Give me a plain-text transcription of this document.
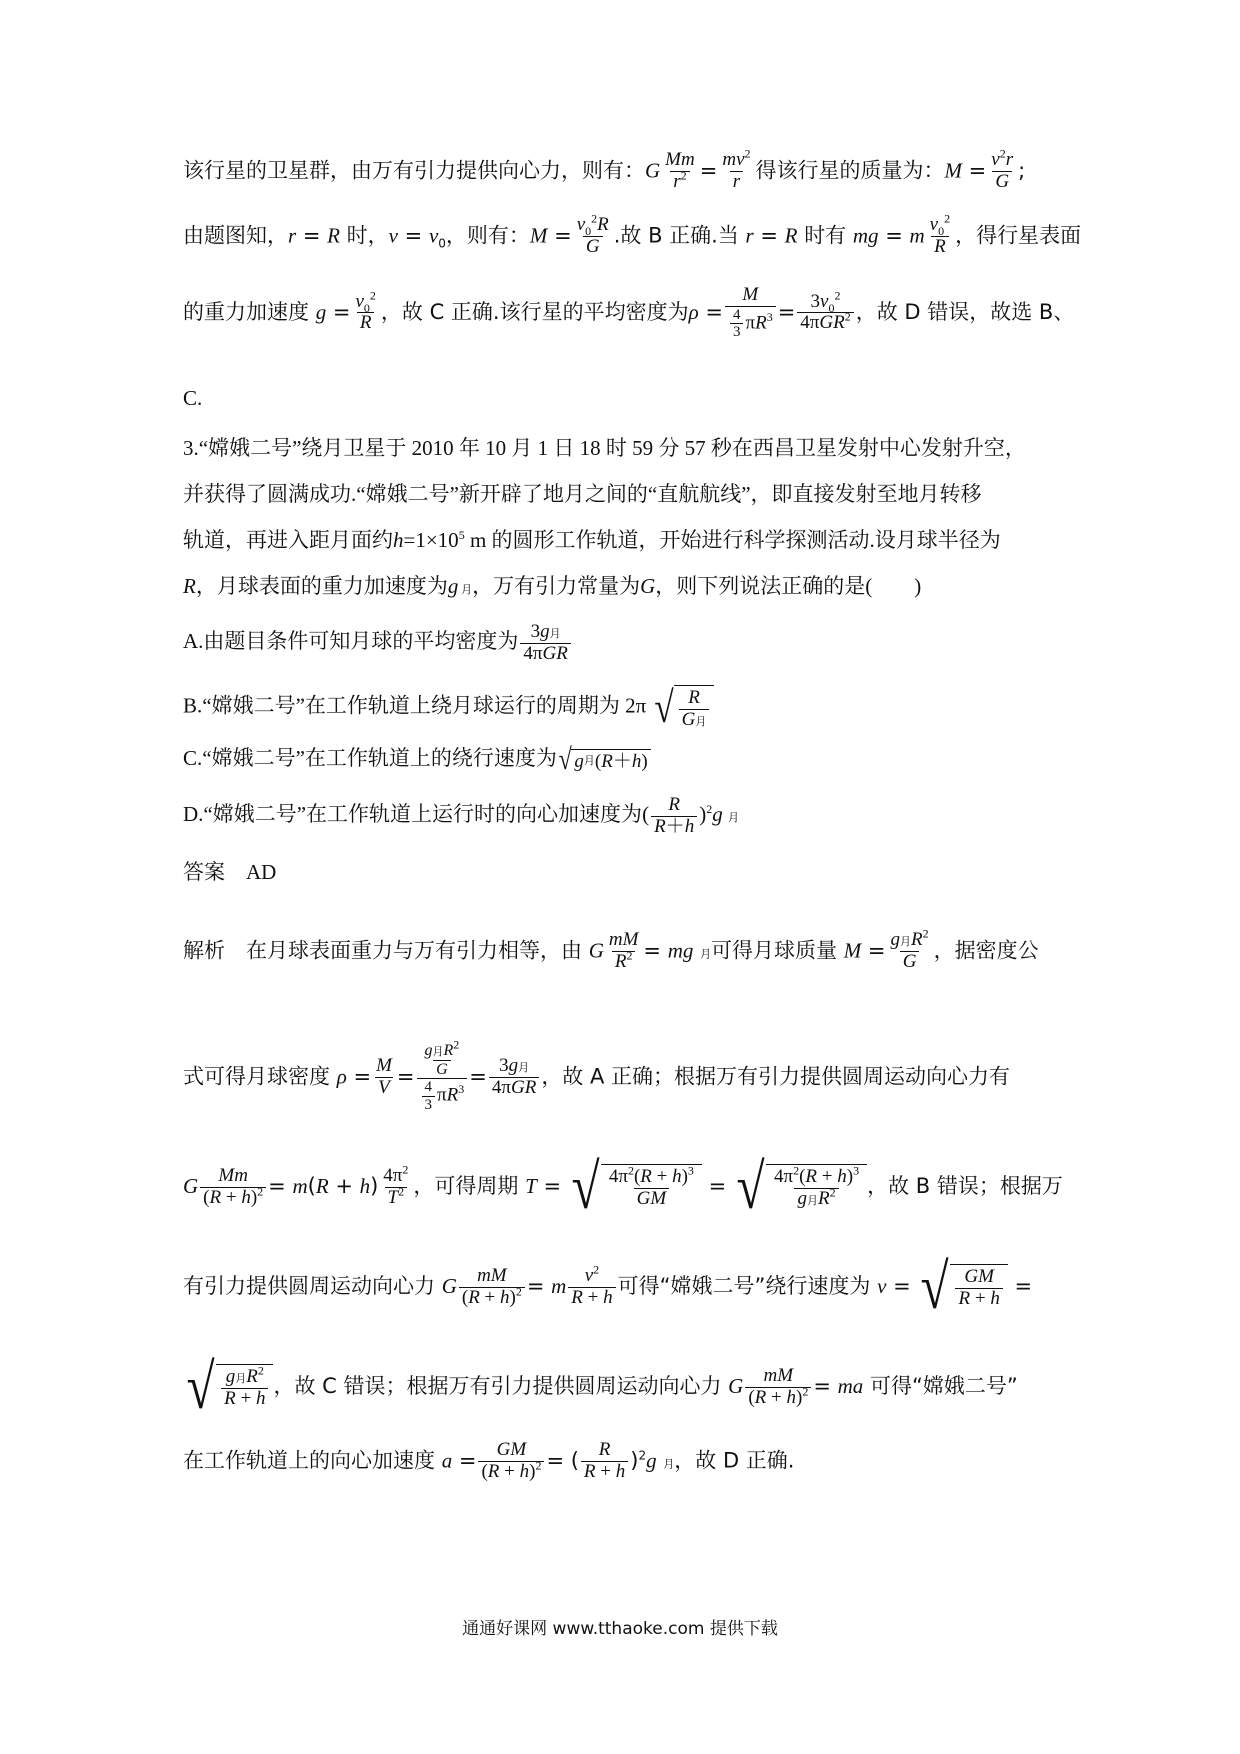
该行星的卫星群，由万有引力提供向心力，则有：G $\frac{Mm}{r^2} = \frac{mv^2}{r}$ 得该行星的质量为：$M = \frac{v^2r}{G}$ ;
由题图知，r = R 时，$v = v_0$，则有：$M = \frac{v_0^2R}{G}$ .故 B 正确.当 r = R 时有 mg = m $\frac{v_0^2}{R}$ ，得行星表面
的重力加速度 $g = \frac{v_0^2}{R}$ ，故 C 正确.该行星的平均密度为$\rho = \frac{M}{\frac{4}{3} \pi R^3} = \frac{3v_0^2}{4\pi GR^2}$ ，故 D 错误，故选 B、
C.
3.“嫦娥二号”绕月卫星于 2010 年 10 月 1 日 18 时 59 分 57 秒在西昌卫星发射中心发射升空，
并获得了圆满成功.“嫦娥二号”新开辟了地月之间的“直航航线”，即直接发射至地月转移
轨道，再进入距月面约$h=1\times 10^5$ m 的圆形工作轨道，开始进行科学探测活动.设月球半径为
R，月球表面的重力加速度为g 月，万有引力常量为G，则下列说法正确的是(　　)
A.由题目条件可知月球的平均密度为 $\frac{\text{3g月}}{\text{4πGR}}$
B.“嫦娥二号”在工作轨道上绕月球运行的周期为 2π √ $\frac{R}{\text{G月}}$
C.“嫦娥二号”在工作轨道上的绕行速度为 √ g 月 ( R ＋ h )
D.“嫦娥二号”在工作轨道上运行时的向心加速度为( $\frac{R}{R+h} )^2g$ 月
答案　 AD
解析　 在月球表面重力与万有引力相等，由 G $\frac{mM}{R^2}$ = mg 月可得月球质量 $M = \frac{g月R^2}{G}$ ，据密度公
式可得月球密度 $\rho = \frac{M}{V} = \frac{\frac{g月R^2}{G}}{\frac{4}{3} \pi R^3} = \frac{\text{3g月}}{\text{4πGR}}$ ，故 A 正确；根据万有引力提供圆周运动向心力有
G $\frac{Mm}{(R + h)^2} = m(R + h) \frac{4\pi^2}{T^2}$ ，可得周期 T = √ $\frac{4\pi^2(R + h)^3}{GM}$ = √ $\frac{4\pi^2(R + h)^3}{g月R^2}$ ，故 B 错误；根据万
有引力提供圆周运动向心力 G $\frac{mM}{(R + h)^2} = m \frac{v^2}{R + h}$ 可得“嫦娥二号”绕行速度为 v = √ $\frac{GM}{R + h}$ =
√ $\frac{g月R^2}{R + h}$ ，故 C 错误；根据万有引力提供圆周运动向心力 G $\frac{mM}{(R + h)^2}$ = ma 可得“嫦娥二号”
在工作轨道上的向心加速度 $a = \frac{GM}{(R + h)^2}$ = ( $\frac{R}{R + h} )^2g$ 月，故 D 正确.
通通好课网 www.tthaoke.com 提供下载
